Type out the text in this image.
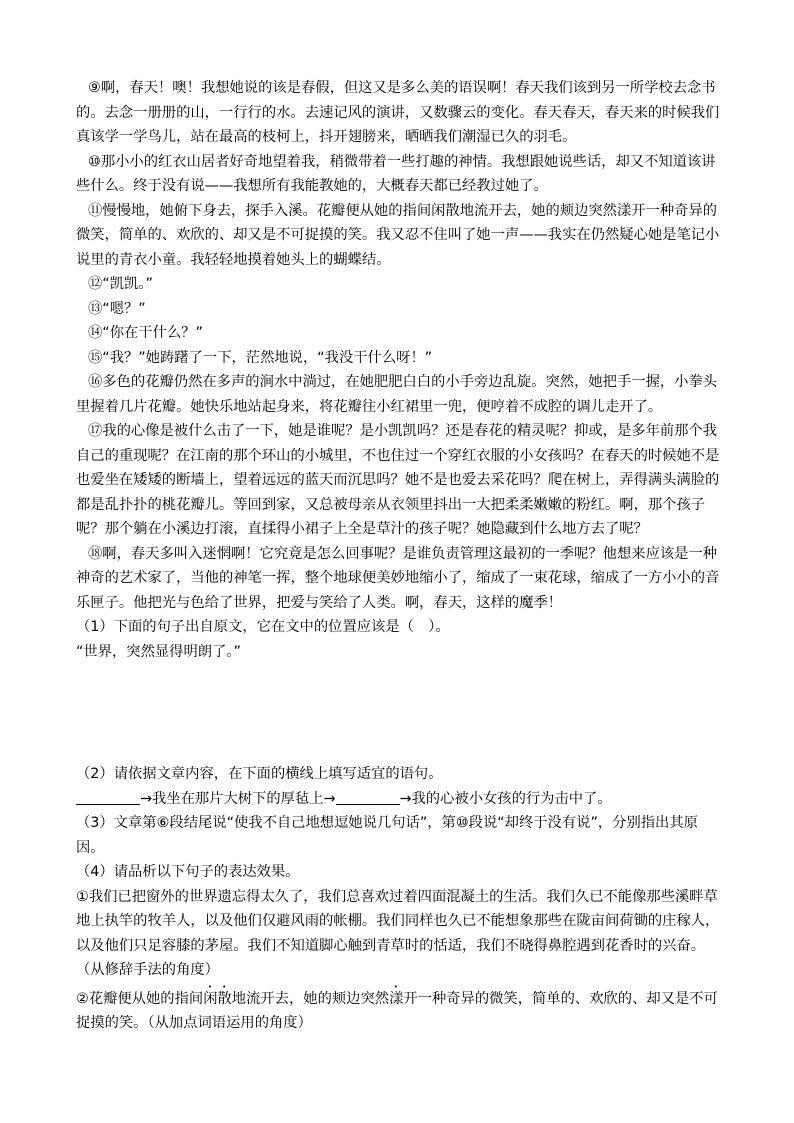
⑨啊，春天！噢！我想她说的该是春假，但这又是多么美的语误啊！春天我们该到另一所学校去念书的。去念一册册的山，一行行的水。去速记风的演讲，又数骤云的变化。春天春天，春天来的时候我们真该学一学鸟儿，站在最高的枝柯上，抖开翅膀来，晒晒我们潮湿已久的羽毛。

⑩那小小的红衣山居者好奇地望着我，稍微带着一些打趣的神情。我想跟她说些话，却又不知道该讲些什么。终于没有说——我想所有我能教她的，大概春天都已经教过她了。

⑪慢慢地，她俯下身去，探手入溪。花瓣便从她的指间闲散地流开去，她的颊边突然漾开一种奇异的微笑，简单的、欢欣的、却又是不可捉摸的笑。我又忍不住叫了她一声——我实在仍然疑心她是笔记小说里的青衣小童。我轻轻地摸着她头上的蝴蝶结。

⑫“凯凯。”

⑬“嗯？”

⑭“你在干什么？”

⑮“我？”她踌躇了一下，茫然地说，“我没干什么呀！”

⑯多色的花瓣仍然在多声的涧水中淌过，在她肥肥白白的小手旁边乱旋。突然，她把手一握，小拳头里握着几片花瓣。她快乐地站起身来，将花瓣往小红裙里一兜，便哼着不成腔的调儿走开了。

⑰我的心像是被什么击了一下，她是谁呢？是小凯凯吗？还是春花的精灵呢？抑或，是多年前那个我自己的重现呢？在江南的那个环山的小城里，不也住过一个穿红衣服的小女孩吗？在春天的时候她不是也爱坐在矮矮的断墙上，望着远远的蓝天而沉思吗？她不是也爱去采花吗？爬在树上，弄得满头满脸的都是乱扑扑的桃花瓣儿。等回到家，又总被母亲从衣领里抖出一大把柔柔嫩嫩的粉红。啊，那个孩子呢？那个躺在小溪边打滚，直揉得小裙子上全是草汁的孩子呢？她隐藏到什么地方去了呢？

⑱啊，春天多叫入迷惘啊！它究竟是怎么回事呢？是谁负责管理这最初的一季呢？他想来应该是一种神奇的艺术家了，当他的神笔一挥，整个地球便美妙地缩小了，缩成了一束花球，缩成了一方小小的音乐匣子。他把光与色给了世界，把爱与笑给了人类。啊，春天，这样的魔季！

（1）下面的句子出自原文，它在文中的位置应该是（　）。

“世界，突然显得明朗了。”

（2）请依据文章内容，在下面的横线上填写适宜的语句。

→我坐在那片大树下的厚毡上→	→我的心被小女孩的行为击中了。

（3）文章第⑥段结尾说“使我不自己地想逗她说几句话”，第⑩段说“却终于没有说”，分别指出其原因。

（4）请品析以下句子的表达效果。

①我们已把窗外的世界遗忘得太久了，我们总喜欢过着四面混凝土的生活。我们久已不能像那些溪畔草地上执竿的牧羊人，以及他们仅避风雨的帐棚。我们同样也久已不能想象那些在陇亩间荷锄的庄稼人，以及他们只足容膝的茅屋。我们不知道脚心触到青草时的恬适，我们不晓得鼻腔遇到花香时的兴奋。（从修辞手法的角度）

②花瓣便从她的指间闲散地流开去，她的颊边突然漾开一种奇异的微笑，简单的、欢欣的、却又是不可捉摸的笑。（从加点词语运用的角度）
